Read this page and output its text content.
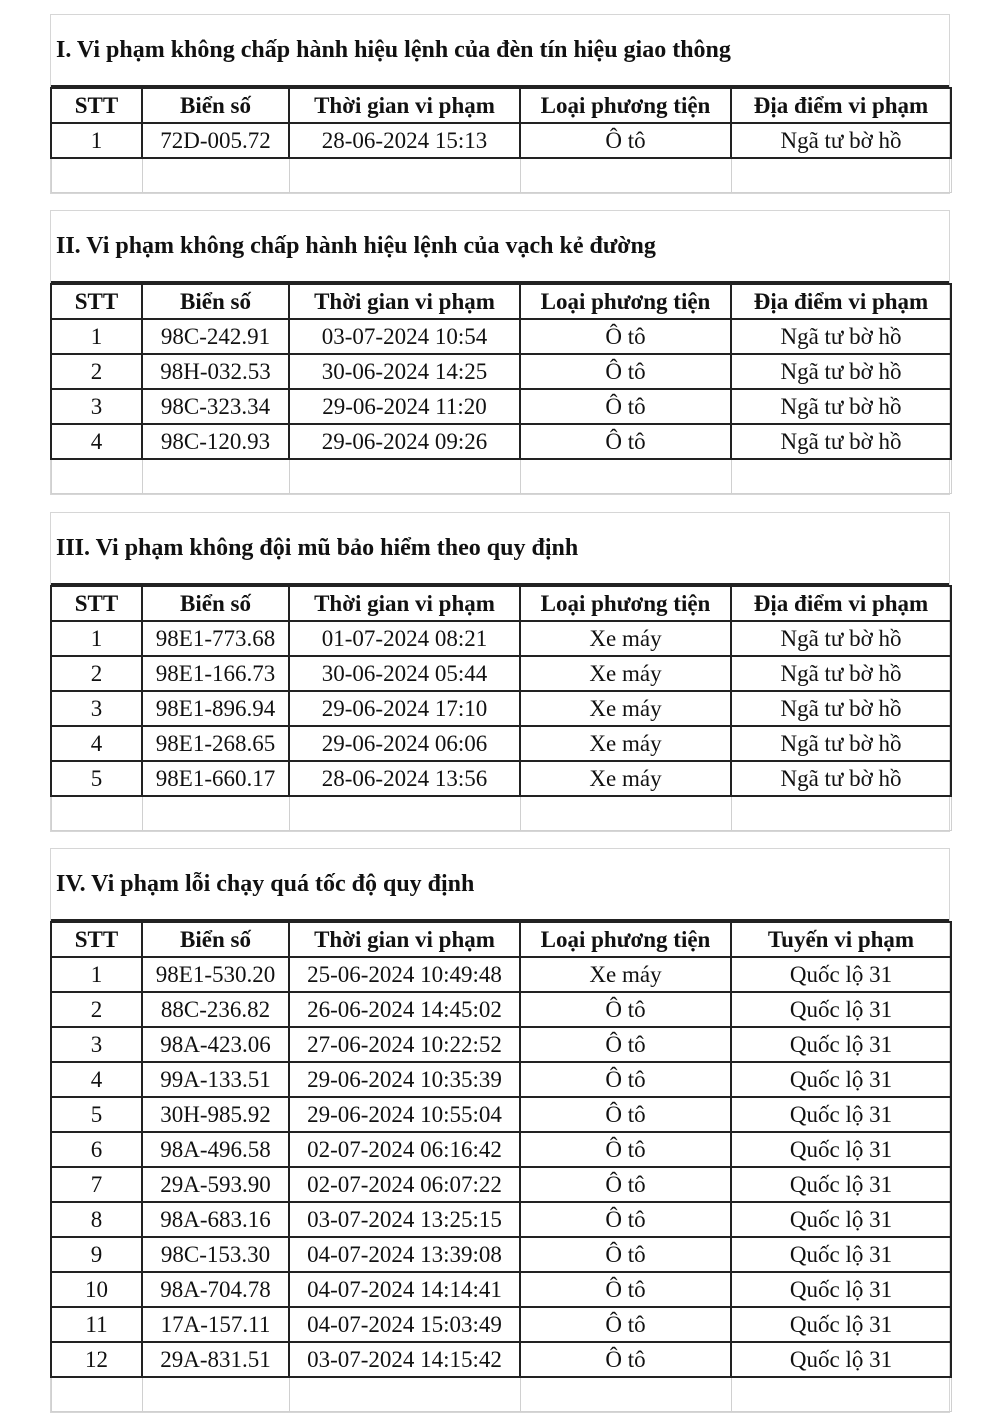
I. Vi phạm không chấp hành hiệu lệnh của đèn tín hiệu giao thông
STT	Biển số	Thời gian vi phạm	Loại phương tiện	Địa điểm vi phạm
1	72D-005.72	28-06-2024 15:13	Ô tô	Ngã tư bờ hồ

II. Vi phạm không chấp hành hiệu lệnh của vạch kẻ đường
STT	Biển số	Thời gian vi phạm	Loại phương tiện	Địa điểm vi phạm
1	98C-242.91	03-07-2024 10:54	Ô tô	Ngã tư bờ hồ
2	98H-032.53	30-06-2024 14:25	Ô tô	Ngã tư bờ hồ
3	98C-323.34	29-06-2024 11:20	Ô tô	Ngã tư bờ hồ
4	98C-120.93	29-06-2024 09:26	Ô tô	Ngã tư bờ hồ

III. Vi phạm không đội mũ bảo hiểm theo quy định
STT	Biển số	Thời gian vi phạm	Loại phương tiện	Địa điểm vi phạm
1	98E1-773.68	01-07-2024 08:21	Xe máy	Ngã tư bờ hồ
2	98E1-166.73	30-06-2024 05:44	Xe máy	Ngã tư bờ hồ
3	98E1-896.94	29-06-2024 17:10	Xe máy	Ngã tư bờ hồ
4	98E1-268.65	29-06-2024 06:06	Xe máy	Ngã tư bờ hồ
5	98E1-660.17	28-06-2024 13:56	Xe máy	Ngã tư bờ hồ

IV. Vi phạm lỗi chạy quá tốc độ quy định
STT	Biển số	Thời gian vi phạm	Loại phương tiện	Tuyến vi phạm
1	98E1-530.20	25-06-2024 10:49:48	Xe máy	Quốc lộ 31
2	88C-236.82	26-06-2024 14:45:02	Ô tô	Quốc lộ 31
3	98A-423.06	27-06-2024 10:22:52	Ô tô	Quốc lộ 31
4	99A-133.51	29-06-2024 10:35:39	Ô tô	Quốc lộ 31
5	30H-985.92	29-06-2024 10:55:04	Ô tô	Quốc lộ 31
6	98A-496.58	02-07-2024 06:16:42	Ô tô	Quốc lộ 31
7	29A-593.90	02-07-2024 06:07:22	Ô tô	Quốc lộ 31
8	98A-683.16	03-07-2024 13:25:15	Ô tô	Quốc lộ 31
9	98C-153.30	04-07-2024 13:39:08	Ô tô	Quốc lộ 31
10	98A-704.78	04-07-2024 14:14:41	Ô tô	Quốc lộ 31
11	17A-157.11	04-07-2024 15:03:49	Ô tô	Quốc lộ 31
12	29A-831.51	03-07-2024 14:15:42	Ô tô	Quốc lộ 31
